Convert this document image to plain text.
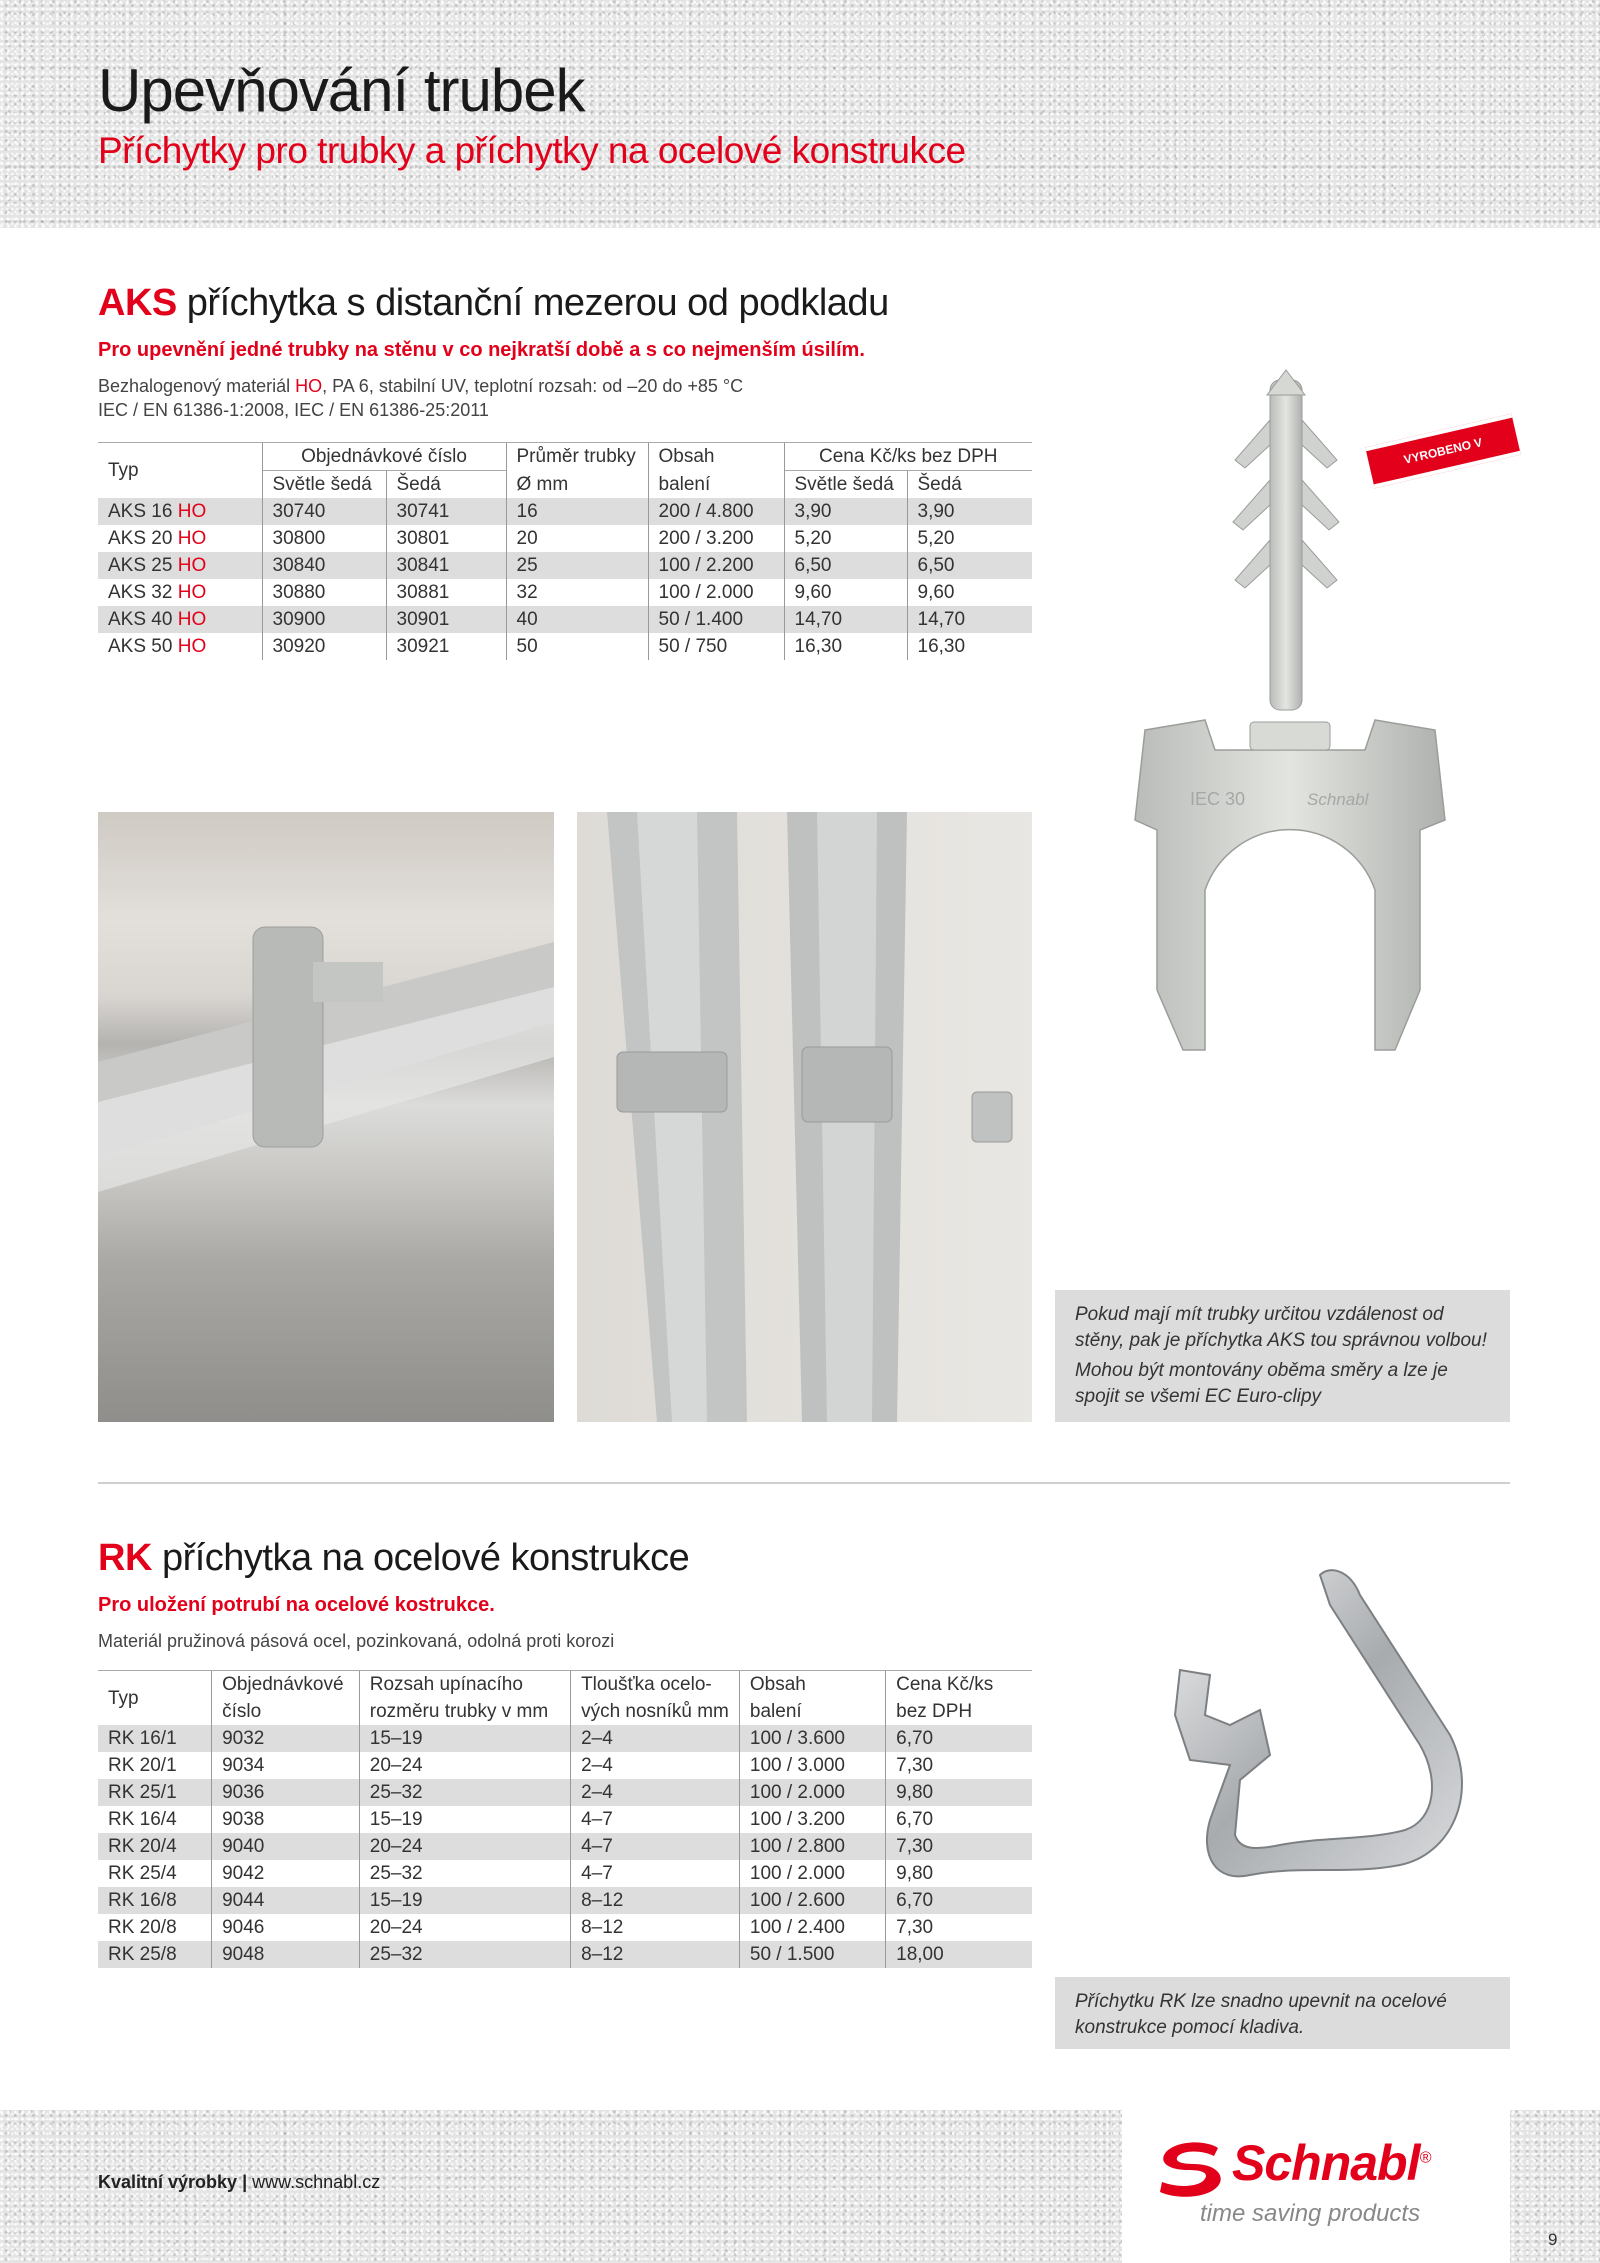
Upevňování trubek
Příchytky pro trubky a příchytky na ocelové konstrukce
AKS příchytka s distanční mezerou od podkladu
Pro upevnění jedné trubky na stěnu v co nejkratší době a s co nejmenším úsilím.
Bezhalogenový materiál HO, PA 6, stabilní UV, teplotní rozsah: od –20 do +85 °C
IEC / EN 61386-1:2008, IEC / EN 61386-25:2011
Typ	Objednávkové číslo		Průměr trubky	Obsah	Cena Kč/ks bez DPH	
	Světle šedá	Šedá	Ø mm	balení	Světle šedá	Šedá
AKS 16 HO	30740	30741	16	200 / 4.800	3,90	3,90
AKS 20 HO	30800	30801	20	200 / 3.200	5,20	5,20
AKS 25 HO	30840	30841	25	100 / 2.200	6,50	6,50
AKS 32 HO	30880	30881	32	100 / 2.000	9,60	9,60
AKS 40 HO	30900	30901	40	50 / 1.400	14,70	14,70
AKS 50 HO	30920	30921	50	50 / 750	16,30	16,30
IEC 30	Schnabl
VYROBENO V RAKOUSKU
Pokud mají mít trubky určitou vzdálenost od stěny, pak je příchytka AKS tou správnou volbou!
Mohou být montovány oběma směry a lze je spojit se všemi EC Euro-clipy
RK příchytka na ocelové konstrukce
Pro uložení potrubí na ocelové kostrukce.
Materiál pružinová pásová ocel, pozinkovaná, odolná proti korozi
Typ	Objednávkové	Rozsah upínacího	Tloušťka ocelo-	Obsah	Cena Kč/ks
	číslo	rozměru trubky v mm	vých nosníků mm	balení	bez DPH
RK 16/1	9032	15–19	2–4	100 / 3.600	6,70
RK 20/1	9034	20–24	2–4	100 / 3.000	7,30
RK 25/1	9036	25–32	2–4	100 / 2.000	9,80
RK 16/4	9038	15–19	4–7	100 / 3.200	6,70
RK 20/4	9040	20–24	4–7	100 / 2.800	7,30
RK 25/4	9042	25–32	4–7	100 / 2.000	9,80
RK 16/8	9044	15–19	8–12	100 / 2.600	6,70
RK 20/8	9046	20–24	8–12	100 / 2.400	7,30
RK 25/8	9048	25–32	8–12	50 / 1.500	18,00
Příchytku RK lze snadno upevnit na ocelové konstrukce pomocí kladiva.
Kvalitní výrobky | www.schnabl.cz	Schnabl®
time saving products
9
